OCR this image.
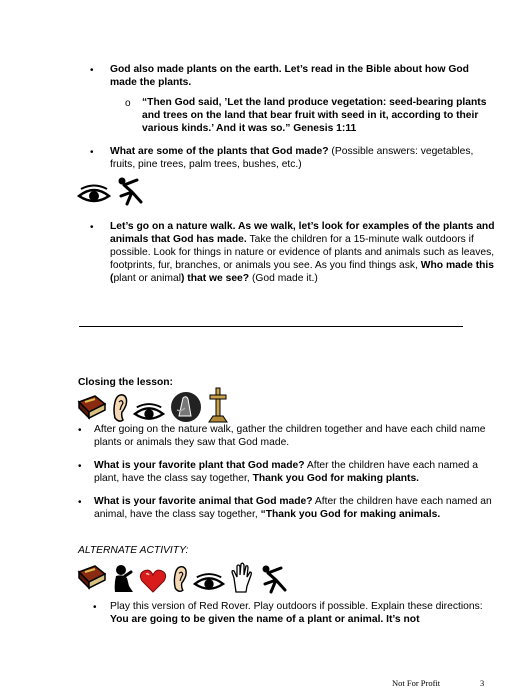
•	God also made plants on the earth. Let’s read in the Bible about how God made the plants.
o	“Then God said, ’Let the land produce vegetation: seed-bearing plants and trees on the land that bear fruit with seed in it, according to their various kinds.’ And it was so.” Genesis 1:11
•	What are some of the plants that God made? (Possible answers: vegetables, fruits, pine trees, palm trees, bushes, etc.)
•	Let’s go on a nature walk. As we walk, let’s look for examples of the plants and animals that God has made. Take the children for a 15-minute walk outdoors if possible. Look for things in nature or evidence of plants and animals such as leaves, footprints, fur, branches, or animals you see. As you find things ask, Who made this (plant or animal) that we see? (God made it.)
Closing the lesson:
•	After going on the nature walk, gather the children together and have each child name plants or animals they saw that God made.
•	What is your favorite plant that God made? After the children have each named a plant, have the class say together, Thank you God for making plants.
•	What is your favorite animal that God made? After the children have each named an animal, have the class say together, “Thank you God for making animals.
ALTERNATE ACTIVITY:
•	Play this version of Red Rover. Play outdoors if possible. Explain these directions: You are going to be given the name of a plant or animal. It’s not
Not For Profit	3
